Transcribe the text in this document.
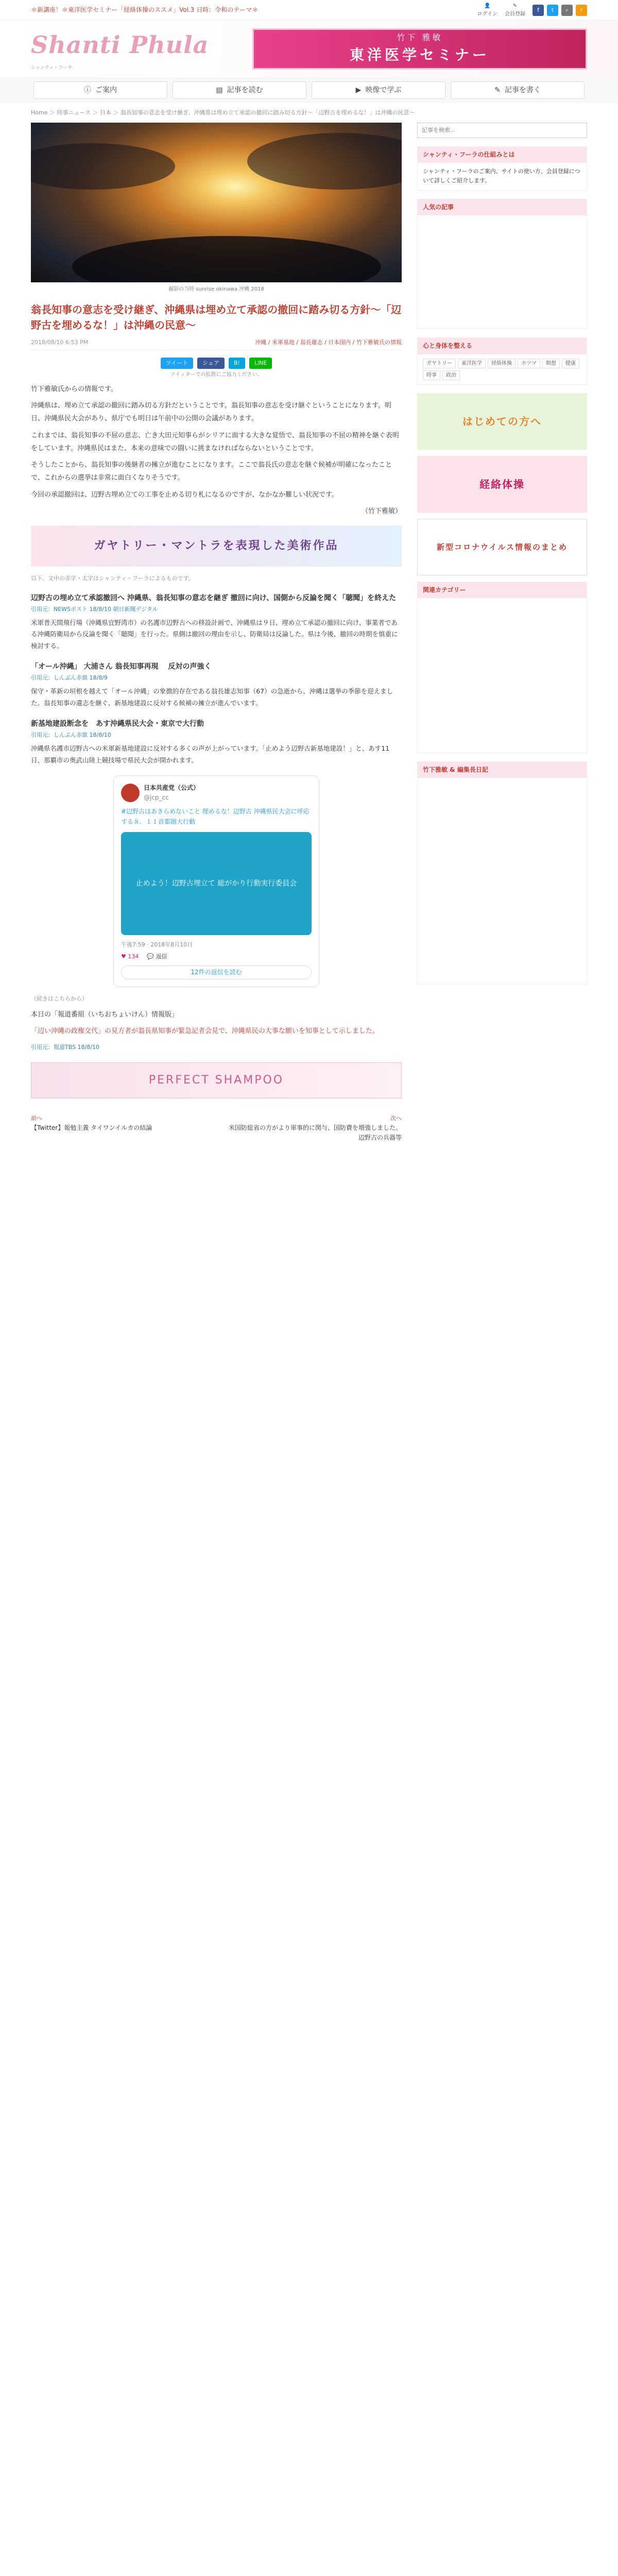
＊新講座！＊東洋医学セミナー「経絡体操のススメ」Vol.3 日時：令和のテーマ＊
👤
ログイン
✎
会員登録
f	t	⌕	r
Shanti Phula
シャンティ・フーラ
竹下 雅敏
東洋医学セミナー
ⓘ ご案内	▤ 記事を読む	▶ 映像で学ぶ	✎ 記事を書く
Home ＞ 時事ニュース ＞ 日本 ＞ 翁長知事の意志を受け継ぎ、沖縄県は埋め立て承認の撤回に踏み切る方針〜「辺野古を埋めるな！」は沖縄の民意〜
撮影の当時 sunrise okinawa 沖縄 2018
翁長知事の意志を受け継ぎ、沖縄県は埋め立て承認の撤回に踏み切る方針〜「辺野古を埋めるな！」は沖縄の民意〜
2018/08/10 6:53 PM	沖縄 / 米軍基地 / 翁長雄志 / 日本国内 / 竹下雅敏氏の情報
ツイート	シェア	B!	LINE
ツイッターでの拡散にご協力ください。

竹下雅敏氏からの情報です。

沖縄県は、埋め立て承認の撤回に踏み切る方針だということです。翁長知事の意志を受け継ぐということになります。明日、沖縄県民大会があり、県庁でも明日は午前中の公開の会議があります。

これまでは、翁長知事の不屈の意志、亡き大田元知事らがシリアに面する大きな覚悟で、翁長知事の不屈の精神を継ぐ表明をしています。沖縄県民はまた、本来の意味での闘いに挑まなければならないということです。

そうしたことから、翁長知事の後継者の擁立が進むことになります。ここで翁長氏の意志を継ぐ候補が明確になったことで、これからの選挙は非常に面白くなりそうです。

今回の承認撤回は、辺野古埋め立ての工事を止める切り札になるのですが、なかなか難しい状況です。

（竹下雅敏）

ガヤトリー・マントラを表現した美術作品
以下、文中の赤字・太字はシャンティ・フーラによるものです。
辺野古の埋め立て承認撤回へ 沖縄県、翁長知事の意志を継ぎ 撤回に向け、国側から反論を聞く「聴聞」を終えた
引用元：NEWSポスト 18/8/10 朝日新聞デジタル
米軍普天間飛行場（沖縄県宜野湾市）の名護市辺野古への移設計画で、沖縄県は９日、埋め立て承認の撤回に向け、事業者である沖縄防衛局から反論を聞く「聴聞」を行った。県側は撤回の理由を示し、防衛局は反論した。県は今後、撤回の時期を慎重に検討する。
「オール沖縄」 大浦さん 翁長知事再現 　反対の声強く
引用元：しんぶん赤旗 18/8/9
保守・革新の垣根を越えて「オール沖縄」の象徴的存在である翁長雄志知事（67）の急逝から、沖縄は選挙の季節を迎えました。翁長知事の遺志を継ぐ、新基地建設に反対する候補の擁立が進んでいます。
新基地建設断念を　あす沖縄県民大会・東京で大行動
引用元：しんぶん赤旗 18/8/10
沖縄県名護市辺野古への米軍新基地建設に反対する多くの声が上がっています。「止めよう辺野古新基地建設！」と、あす11日、那覇市の奥武山陸上競技場で県民大会が開かれます。
日本共産党（公式）
@jcp_cc

#辺野古はあきらめないこと 埋めるな！辺野古 沖縄県民大会に呼応する８．１１首都圏大行動

止めよう！辺野古埋立て 総がかり行動実行委員会
午後7:59 · 2018年8月10日
♥ 134 💬 返信
12件の返信を読む
（続きはこちらから）

本日の「報道番組（いちおちょいけん）情報版」

「辺い沖縄の政権交代」の見方者が翁長県知事が緊急記者会見で、沖縄県民の大事な願いを知事として示しました。

引用元：報道TBS 18/8/10

PERFECT SHAMPOO
前へ
【Twitter】報勉主義 タイワンイルカの結論
次へ
米国防総省の方がより軍事的に関与、国防費を増強しました。辺野古の兵器等
記事を検索...
シャンティ・フーラの仕組みとは
シャンティ・フーラのご案内、サイトの使い方、会員登録について詳しくご紹介します。
人気の記事
心と身体を整える
ガヤトリー	東洋医学	経絡体操	ホツマ	瞑想	健康
時事	政治
はじめての方へ
経絡体操
新型コロナウイルス情報のまとめ
関連カテゴリー
竹下雅敏 & 編集長日記
